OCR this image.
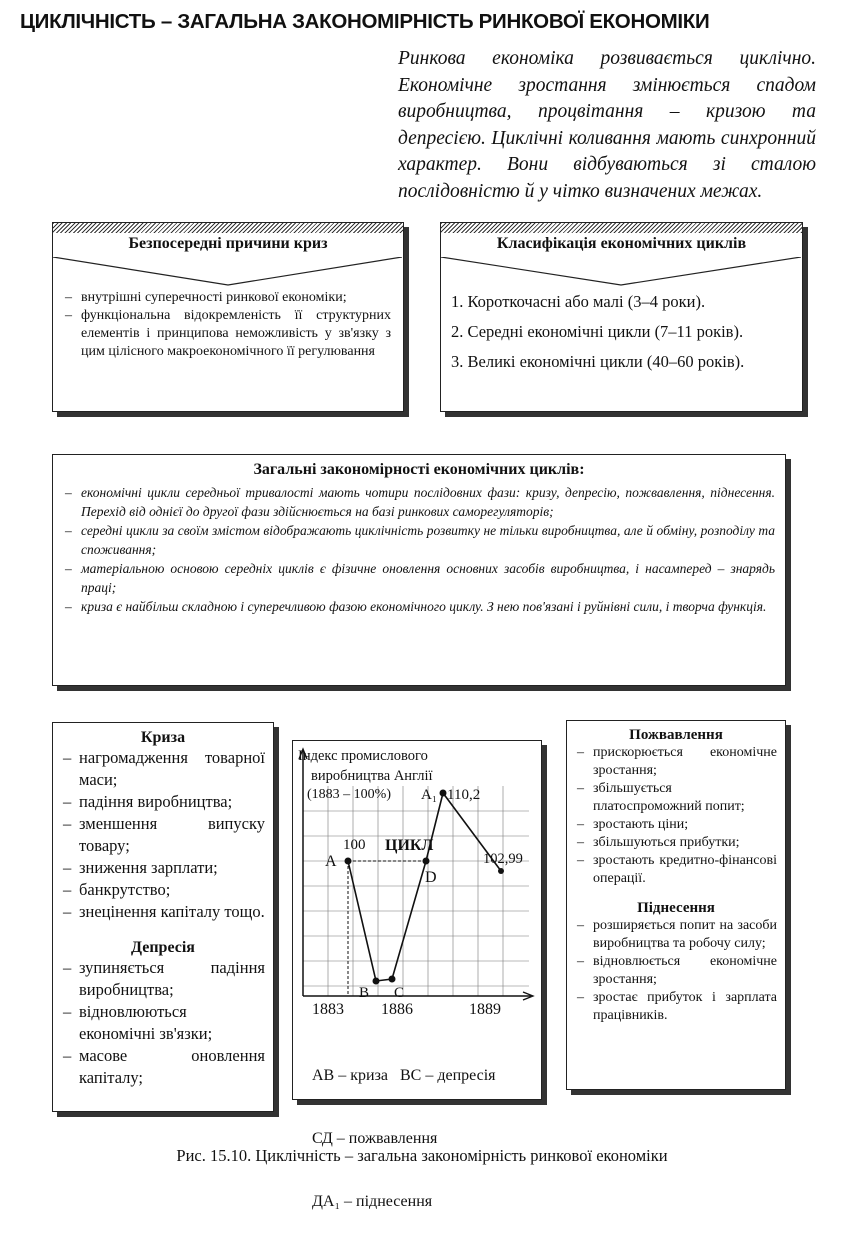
ЦИКЛІЧНІСТЬ – ЗАГАЛЬНА ЗАКОНОМІРНІСТЬ РИНКОВОЇ ЕКОНОМІКИ
Ринкова економіка розвивається циклічно. Економічне зростання змінюється спадом виробництва, процвітання – кризою та депресією. Циклічні коливання мають синхронний характер. Вони відбуваються зі сталою послідовністю й у чітко визначених межах.
Безпосередні причини криз
– внутрішні суперечності ринкової економіки;
– функціональна відокремленість її структурних елементів і принципова неможливість у зв'язку з цим цілісного макроекономічного її регулювання
Класифікація економічних циклів
1. Короткочасні або малі (3–4 роки).
2. Середні економічні цикли (7–11 років).
3. Великі економічні цикли (40–60 років).
Загальні закономірності економічних циклів:
– економічні цикли середньої тривалості мають чотири послідовних фази: кризу, депресію, пожвавлення, піднесення. Перехід від однієї до другої фази здійснюється на базі ринкових саморегуляторів;
– середні цикли за своїм змістом відображають циклічність розвитку не тільки виробництва, але й обміну, розподілу та споживання;
– матеріальною основою середніх циклів є фізичне оновлення основних засобів виробництва, і насамперед – знарядь праці;
– криза є найбільш складною і суперечливою фазою економічного циклу. З нею пов'язані і руйнівні сили, і творча функція.
Криза
– нагромадження товарної маси;
– падіння виробництва;
– зменшення випуску товару;
– зниження зарплати;
– банкрутство;
– знецінення капіталу тощо.
Депресія
– зупиняється падіння виробництва;
– відновлюються економічні зв'язки;
– масове оновлення капіталу;
Індекс промислового
виробництва Англії
(1883 – 100%) A₁ 110,2
100 ЦИКЛ
A	102,99
D
B C
1883 1886	1889

АВ – криза   ВС – депресія

СД – пожвавлення

ДА₁ – піднесення

Пожвавлення
– прискорюється економічне зростання;
– збільшується платоспроможний попит;
– зростають ціни;
– збільшуються прибутки;
– зростають кредитно-фінансові операції.
Піднесення
– розширяється попит на засоби виробництва та робочу силу;
– відновлюється економічне зростання;
– зростає прибуток і зарплата працівників.
Рис. 15.10. Циклічність – загальна закономірність ринкової економіки
